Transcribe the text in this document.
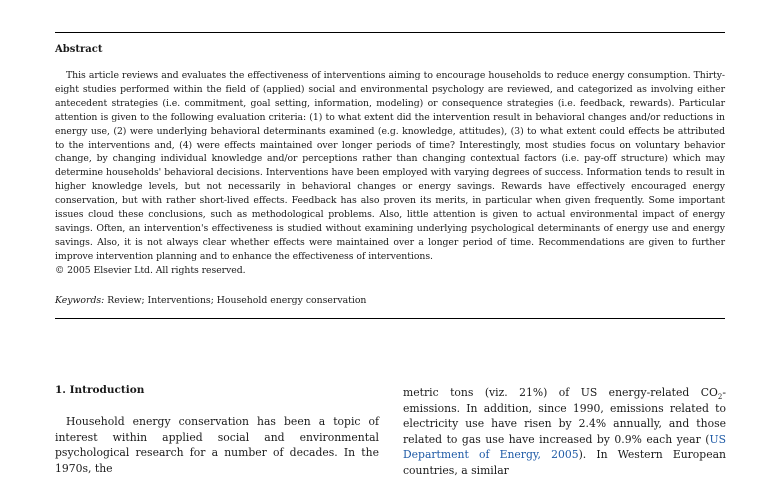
Abstract

This article reviews and evaluates the effectiveness of interventions aiming to encourage households to reduce energy consumption. Thirty-eight studies performed within the field of (applied) social and environmental psychology are reviewed, and categorized as involving either antecedent strategies (i.e. commitment, goal setting, information, modeling) or consequence strategies (i.e. feedback, rewards). Particular attention is given to the following evaluation criteria: (1) to what extent did the intervention result in behavioral changes and/or reductions in energy use, (2) were underlying behavioral determinants examined (e.g. knowledge, attitudes), (3) to what extent could effects be attributed to the interventions and, (4) were effects maintained over longer periods of time? Interestingly, most studies focus on voluntary behavior change, by changing individual knowledge and/or perceptions rather than changing contextual factors (i.e. pay-off structure) which may determine households' behavioral decisions. Interventions have been employed with varying degrees of success. Information tends to result in higher knowledge levels, but not necessarily in behavioral changes or energy savings. Rewards have effectively encouraged energy conservation, but with rather short-lived effects. Feedback has also proven its merits, in particular when given frequently. Some important issues cloud these conclusions, such as methodological problems. Also, little attention is given to actual environmental impact of energy savings. Often, an intervention's effectiveness is studied without examining underlying psychological determinants of energy use and energy savings. Also, it is not always clear whether effects were maintained over a longer period of time. Recommendations are given to further improve intervention planning and to enhance the effectiveness of interventions.
© 2005 Elsevier Ltd. All rights reserved.

Keywords: Review; Interventions; Household energy conservation
1. Introduction

Household energy conservation has been a topic of interest within applied social and environmental psychological research for a number of decades. In the 1970s, the

metric tons (viz. 21%) of US energy-related $CO_2$-emissions. In addition, since 1990, emissions related to electricity use have risen by 2.4% annually, and those related to gas use have increased by 0.9% each year (US Department of Energy, 2005). In Western European countries, a similar
